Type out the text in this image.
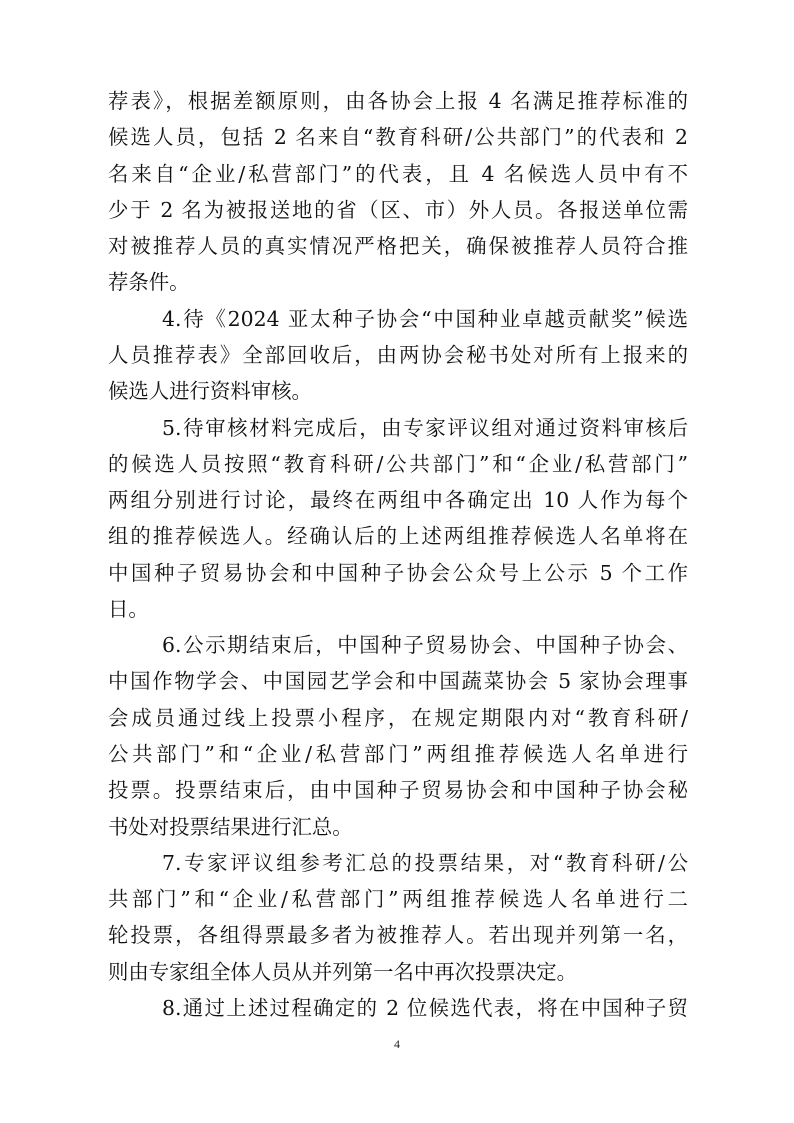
荐表》，根据差额原则，由各协会上报 4 名满足推荐标准的
候选人员，包括 2 名来自“教育科研/公共部门”的代表和 2
名来自“企业/私营部门”的代表，且 4 名候选人员中有不
少于 2 名为被报送地的省（区、市）外人员。各报送单位需
对被推荐人员的真实情况严格把关，确保被推荐人员符合推
荐条件。
4.待《2024 亚太种子协会“中国种业卓越贡献奖”候选
人员推荐表》全部回收后，由两协会秘书处对所有上报来的
候选人进行资料审核。
5.待审核材料完成后，由专家评议组对通过资料审核后
的候选人员按照“教育科研/公共部门”和“企业/私营部门”
两组分别进行讨论，最终在两组中各确定出 10 人作为每个
组的推荐候选人。经确认后的上述两组推荐候选人名单将在
中国种子贸易协会和中国种子协会公众号上公示 5 个工作
日。
6.公示期结束后，中国种子贸易协会、中国种子协会、
中国作物学会、中国园艺学会和中国蔬菜协会 5 家协会理事
会成员通过线上投票小程序，在规定期限内对“教育科研/
公共部门”和“企业/私营部门”两组推荐候选人名单进行
投票。投票结束后，由中国种子贸易协会和中国种子协会秘
书处对投票结果进行汇总。
7.专家评议组参考汇总的投票结果，对“教育科研/公
共部门”和“企业/私营部门”两组推荐候选人名单进行二
轮投票，各组得票最多者为被推荐人。若出现并列第一名，
则由专家组全体人员从并列第一名中再次投票决定。
8.通过上述过程确定的 2 位候选代表，将在中国种子贸
4
